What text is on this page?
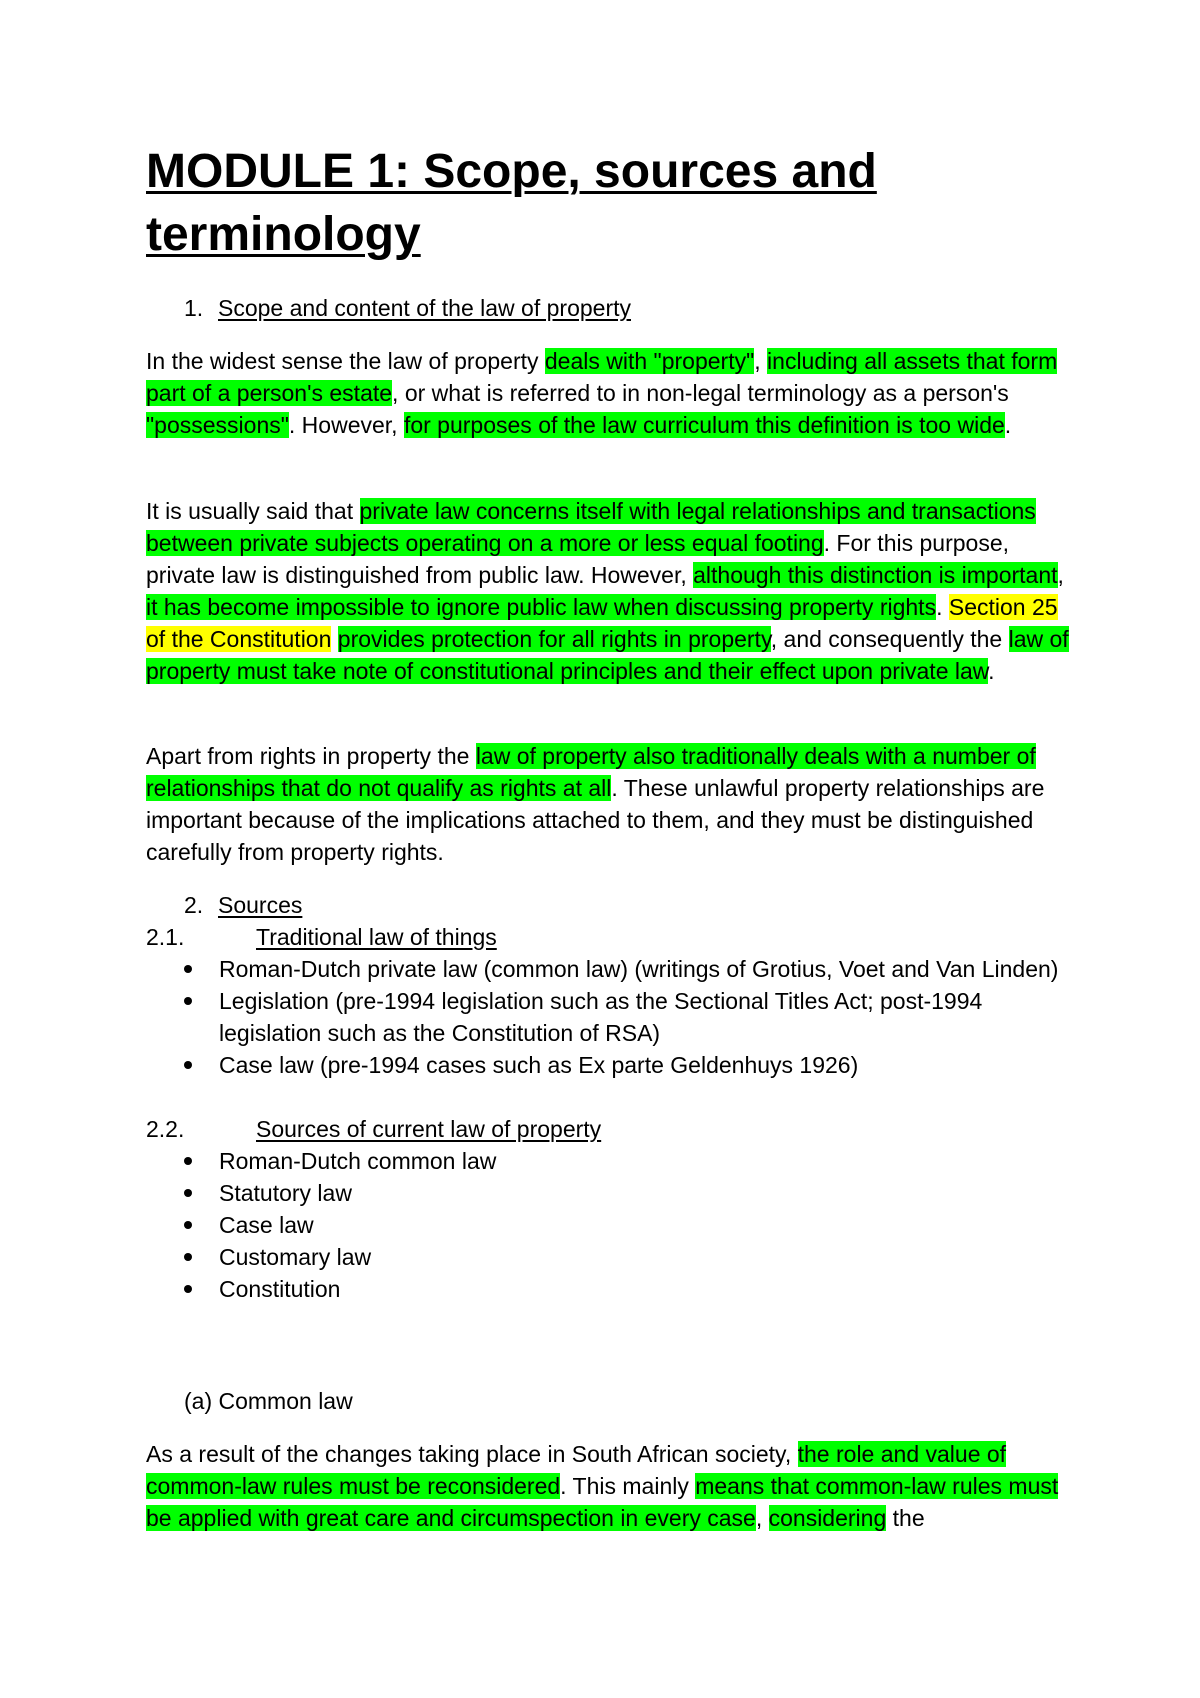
MODULE 1: Scope, sources and terminology
1. Scope and content of the law of property

In the widest sense the law of property deals with "property", including all assets that form part of a person's estate, or what is referred to in non-legal terminology as a person's "possessions". However, for purposes of the law curriculum this definition is too wide.

It is usually said that private law concerns itself with legal relationships and transactions between private subjects operating on a more or less equal footing. For this purpose, private law is distinguished from public law. However, although this distinction is important, it has become impossible to ignore public law when discussing property rights. Section 25 of the Constitution provides protection for all rights in property, and consequently the law of property must take note of constitutional principles and their effect upon private law.

Apart from rights in property the law of property also traditionally deals with a number of relationships that do not qualify as rights at all. These unlawful property relationships are important because of the implications attached to them, and they must be distinguished carefully from property rights.

2. Sources
2.1.	Traditional law of things
Roman-Dutch private law (common law) (writings of Grotius, Voet and Van Linden)
Legislation (pre-1994 legislation such as the Sectional Titles Act; post-1994 legislation such as the Constitution of RSA)
Case law (pre-1994 cases such as Ex parte Geldenhuys 1926)
2.2.	Sources of current law of property
Roman-Dutch common law
Statutory law
Case law
Customary law
Constitution
(a) Common law

As a result of the changes taking place in South African society, the role and value of common-law rules must be reconsidered. This mainly means that common-law rules must be applied with great care and circumspection in every case, considering the
